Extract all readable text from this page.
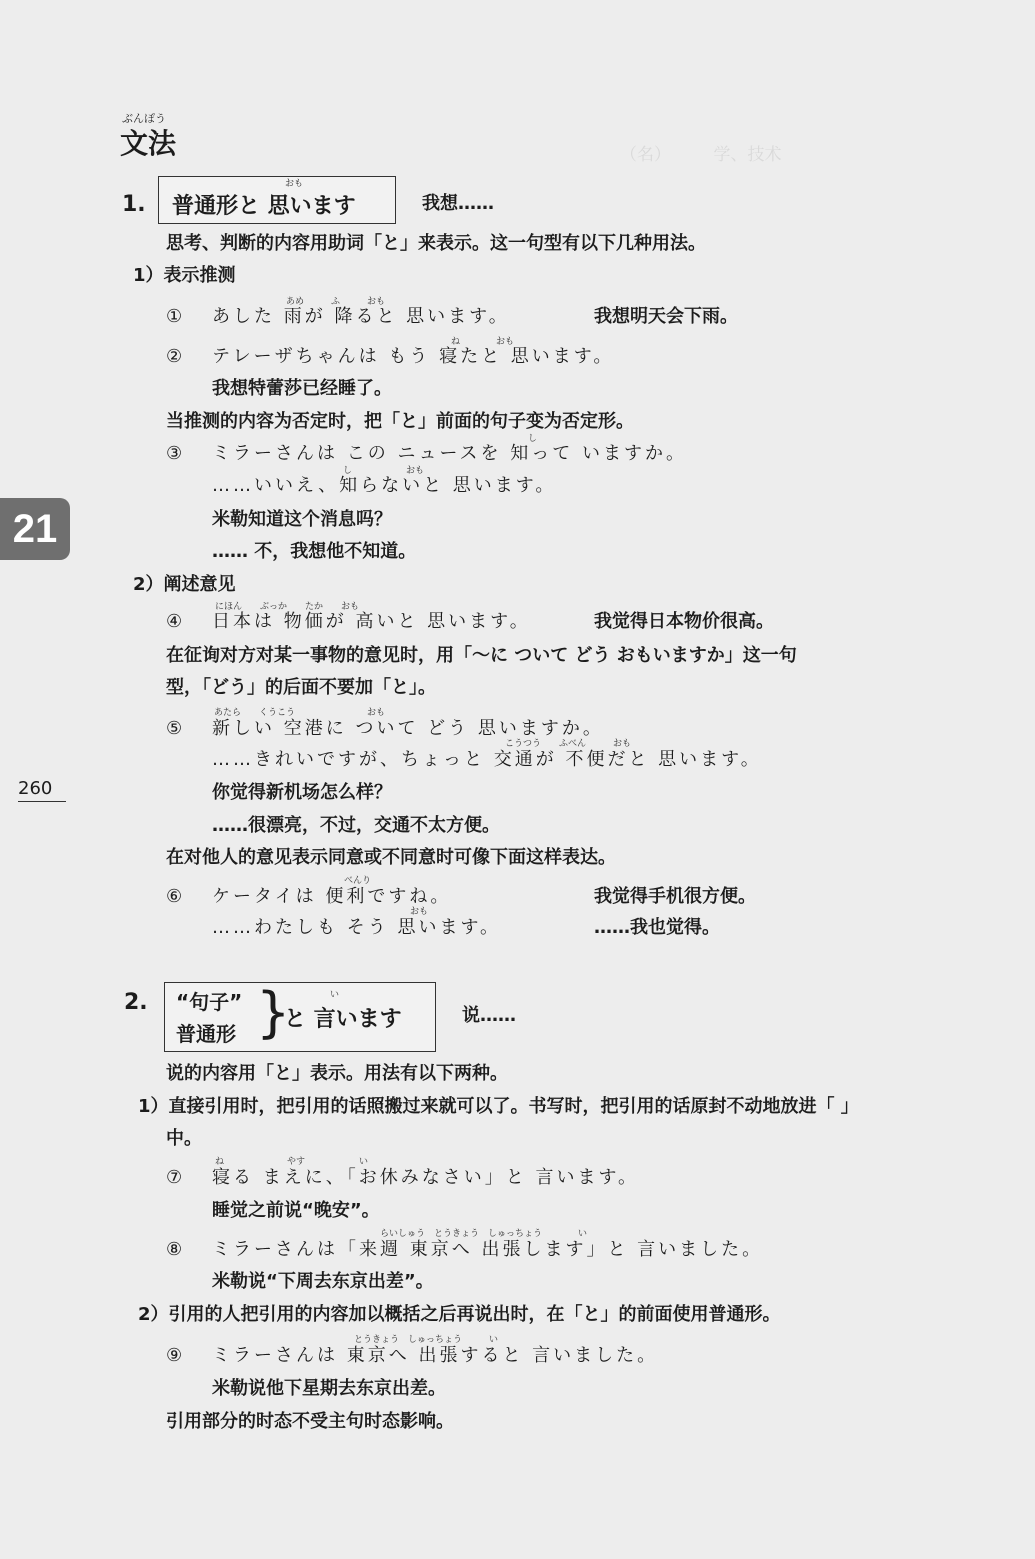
ぶんぽう
文法
21
260
（名）　　　学、技术
1.
おも
普通形と 思います	我想……
思考、判断的内容用助词「と」来表示。这一句型有以下几种用法。
1）表示推测
①
あめ　　　ふ　　　おも
あした 雨が 降ると 思います。	我想明天会下雨。
②
ね　　　　おも
テレーザちゃんは もう 寝たと 思います。
我想特蕾莎已经睡了。
当推测的内容为否定时，把「と」前面的句子变为否定形。
③
し
ミラーさんは この ニュースを 知って いますか。
し　　　　　　おも
……いいえ、知らないと 思います。
米勒知道这个消息吗？
…… 不，我想他不知道。
2）阐述意见
④
にほん　　ぶっか　　たか　　おも
日本は 物価が 高いと 思います。	我觉得日本物价很高。
在征询对方对某一事物的意见时，用「～に ついて どう おもいますか」这一句
型，「どう」的后面不要加「と」。
⑤
あたら　　くうこう　　　　　　　　おも
新しい 空港に ついて どう 思いますか。
こうつう　　ふべん　　　おも
……きれいですが、ちょっと 交通が 不便だと 思います。
你觉得新机场怎么样？
……很漂亮，不过，交通不太方便。
在对他人的意见表示同意或不同意时可像下面这样表达。
⑥
べんり
ケータイは 便利ですね。	我觉得手机很方便。
おも
……わたしも そう 思います。	……我也觉得。
2. “句子”
普通形 }	い
と 言います	说……
说的内容用「と」表示。用法有以下两种。
1）直接引用时，把引用的话照搬过来就可以了。书写时，把引用的话原封不动地放进「 」
中。
⑦
ね　　　　　　　やす　　　　　　い
寝る まえに、「お休みなさい」と 言います。
睡觉之前说“晚安”。
⑧
らいしゅう　とうきょう　しゅっちょう　　　　い
ミラーさんは「来週 東京へ 出張します」と 言いました。
米勒说“下周去东京出差”。
2）引用的人把引用的内容加以概括之后再说出时，在「と」的前面使用普通形。
⑨
とうきょう　しゅっちょう　　　い
ミラーさんは 東京へ 出張すると 言いました。
米勒说他下星期去东京出差。
引用部分的时态不受主句时态影响。
